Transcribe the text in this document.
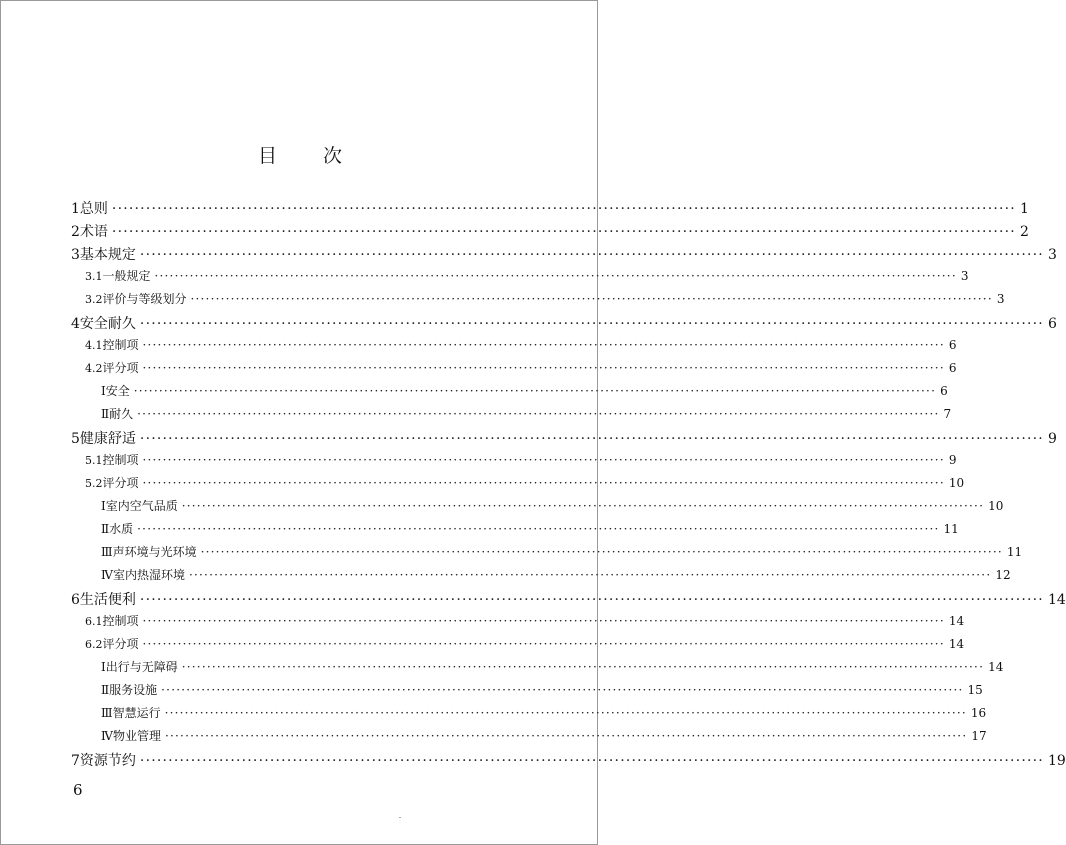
目 次
1 总则 ································································································································································ 1
2 术语 ································································································································································ 2
3 基本规定 ································································································································································ 3
3.1 一般规定 ································································································································································ 3
3.2 评价与等级划分 ································································································································································ 3
4 安全耐久 ································································································································································ 6
4.1 控制项 ································································································································································ 6
4.2 评分项 ································································································································································ 6
Ⅰ 安全 ································································································································································ 6
Ⅱ 耐久 ································································································································································ 7
5 健康舒适 ································································································································································ 9
5.1 控制项 ································································································································································ 9
5.2 评分项 ································································································································································ 10
Ⅰ 室内空气品质 ································································································································································ 10
Ⅱ 水质 ································································································································································ 11
Ⅲ 声环境与光环境 ································································································································································ 11
Ⅳ 室内热湿环境 ································································································································································ 12
6 生活便利 ································································································································································ 14
6.1 控制项 ································································································································································ 14
6.2 评分项 ································································································································································ 14
Ⅰ 出行与无障碍 ································································································································································ 14
Ⅱ 服务设施 ································································································································································ 15
Ⅲ 智慧运行 ································································································································································ 16
Ⅳ 物业管理 ································································································································································ 17
7 资源节约 ································································································································································ 19
6
